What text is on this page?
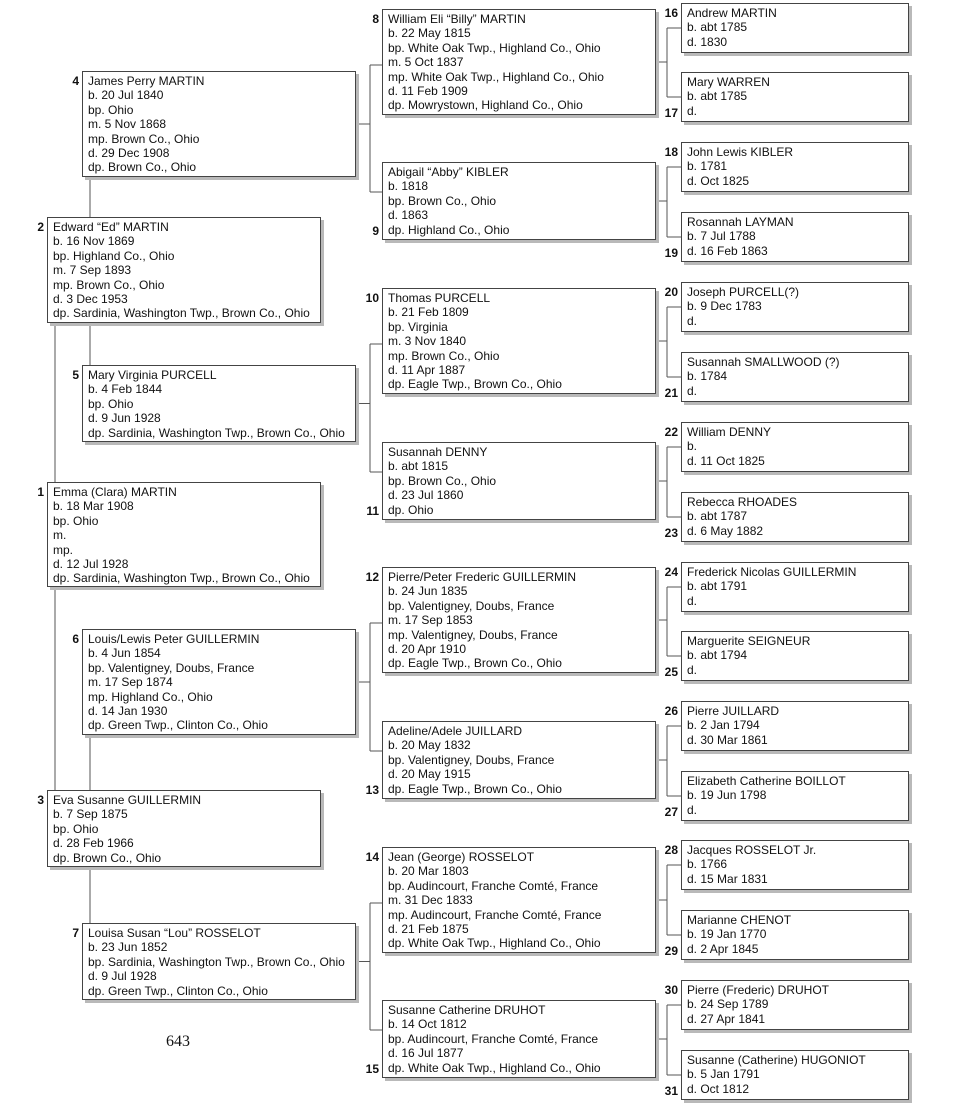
Emma (Clara) MARTIN
b. 18 Mar 1908
bp. Ohio
m.
mp.
d. 12 Jul 1928
dp. Sardinia, Washington Twp., Brown Co., Ohio
1
Edward “Ed” MARTIN
b. 16 Nov 1869
bp. Highland Co., Ohio
m. 7 Sep 1893
mp. Brown Co., Ohio
d. 3 Dec 1953
dp. Sardinia, Washington Twp., Brown Co., Ohio
2
Eva Susanne GUILLERMIN
b. 7 Sep 1875
bp. Ohio
d. 28 Feb 1966
dp. Brown Co., Ohio
3
James Perry MARTIN
b. 20 Jul 1840
bp. Ohio
m. 5 Nov 1868
mp. Brown Co., Ohio
d. 29 Dec 1908
dp. Brown Co., Ohio
4
Mary Virginia PURCELL
b. 4 Feb 1844
bp. Ohio
d. 9 Jun 1928
dp. Sardinia, Washington Twp., Brown Co., Ohio
5
Louis/Lewis Peter GUILLERMIN
b. 4 Jun 1854
bp. Valentigney, Doubs, France
m. 17 Sep 1874
mp. Highland Co., Ohio
d. 14 Jan 1930
dp. Green Twp., Clinton Co., Ohio
6
Louisa Susan “Lou” ROSSELOT
b. 23 Jun 1852
bp. Sardinia, Washington Twp., Brown Co., Ohio
d. 9 Jul 1928
dp. Green Twp., Clinton Co., Ohio
7
William Eli “Billy” MARTIN
b. 22 May 1815
bp. White Oak Twp., Highland Co., Ohio
m. 5 Oct 1837
mp. White Oak Twp., Highland Co., Ohio
d. 11 Feb 1909
dp. Mowrystown, Highland Co., Ohio
8
Abigail “Abby” KIBLER
b. 1818
bp. Brown Co., Ohio
d. 1863
dp. Highland Co., Ohio
9
Thomas PURCELL
b. 21 Feb 1809
bp. Virginia
m. 3 Nov 1840
mp. Brown Co., Ohio
d. 11 Apr 1887
dp. Eagle Twp., Brown Co., Ohio
10
Susannah DENNY
b. abt 1815
bp. Brown Co., Ohio
d. 23 Jul 1860
dp. Ohio
11
Pierre/Peter Frederic GUILLERMIN
b. 24 Jun 1835
bp. Valentigney, Doubs, France
m. 17 Sep 1853
mp. Valentigney, Doubs, France
d. 20 Apr 1910
dp. Eagle Twp., Brown Co., Ohio
12
Adeline/Adele JUILLARD
b. 20 May 1832
bp. Valentigney, Doubs, France
d. 20 May 1915
dp. Eagle Twp., Brown Co., Ohio
13
Jean (George) ROSSELOT
b. 20 Mar 1803
bp. Audincourt, Franche Comté, France
m. 31 Dec 1833
mp. Audincourt, Franche Comté, France
d. 21 Feb 1875
dp. White Oak Twp., Highland Co., Ohio
14
Susanne Catherine DRUHOT
b. 14 Oct 1812
bp. Audincourt, Franche Comté, France
d. 16 Jul 1877
dp. White Oak Twp., Highland Co., Ohio
15
Andrew MARTIN
b. abt 1785
d. 1830
16
Mary WARREN
b. abt 1785
d.
17
John Lewis KIBLER
b. 1781
d. Oct 1825
18
Rosannah LAYMAN
b. 7 Jul 1788
d. 16 Feb 1863
19
Joseph PURCELL(?)
b. 9 Dec 1783
d.
20
Susannah SMALLWOOD (?)
b. 1784
d.
21
William DENNY
b.
d. 11 Oct 1825
22
Rebecca RHOADES
b. abt 1787
d. 6 May 1882
23
Frederick Nicolas GUILLERMIN
b. abt 1791
d.
24
Marguerite SEIGNEUR
b. abt 1794
d.
25
Pierre JUILLARD
b. 2 Jan 1794
d. 30 Mar 1861
26
Elizabeth Catherine BOILLOT
b. 19 Jun 1798
d.
27
Jacques ROSSELOT Jr.
b. 1766
d. 15 Mar 1831
28
Marianne CHENOT
b. 19 Jan 1770
d. 2 Apr 1845
29
Pierre (Frederic) DRUHOT
b. 24 Sep 1789
d. 27 Apr 1841
30
Susanne (Catherine) HUGONIOT
b. 5 Jan 1791
d. Oct 1812
31
643
